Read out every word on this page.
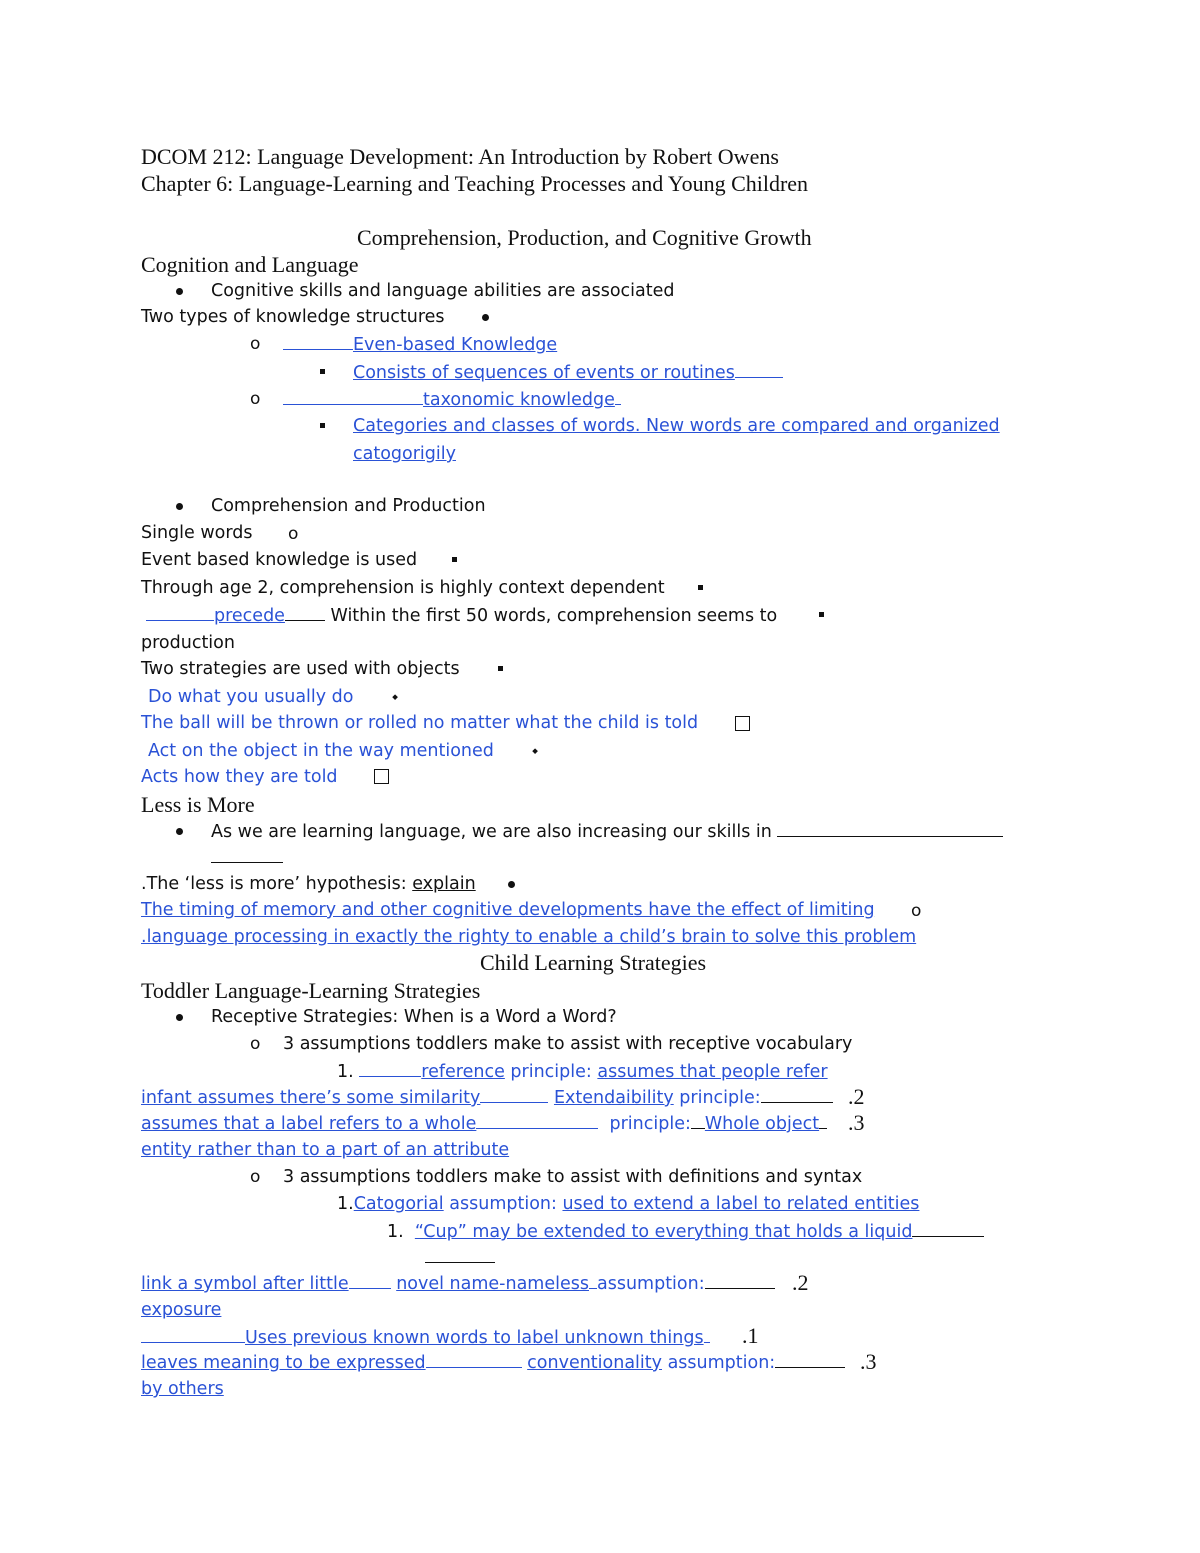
DCOM 212: Language Development: An Introduction by Robert Owens
Chapter 6: Language-Learning and Teaching Processes and Young Children
Comprehension, Production, and Cognitive Growth
Cognition and Language
Cognitive skills and language abilities are associated
Two types of knowledge structures
o	Even-based Knowledge
Consists of sequences of events or routines
o	taxonomic knowledge
Categories and classes of words. New words are compared and organized
catogorigily
Comprehension and Production
Single words o
Event based knowledge is used
Through age 2, comprehension is highly context dependent
precede	Within the first 50 words, comprehension seems to
production
Two strategies are used with objects
Do what you usually do ⬩
The ball will be thrown or rolled no matter what the child is told
Act on the object in the way mentioned ⬩
Acts how they are told
Less is More
As we are learning language, we are also increasing our skills in
.The ‘less is more’ hypothesis: explain
The timing of memory and other cognitive developments have the effect of limiting o
.language processing in exactly the righty to enable a child’s brain to solve this problem
Child Learning Strategies
Toddler Language-Learning Strategies
Receptive Strategies: When is a Word a Word?
o 3 assumptions toddlers make to assist with receptive vocabulary
1.	reference principle: assumes that people refer
infant assumes there’s some similarity	Extendaibility principle:	.2
assumes that a label refers to a whole	principle: Whole object	.3
entity rather than to a part of an attribute
o 3 assumptions toddlers make to assist with definitions and syntax
1.Catogorial assumption: used to extend a label to related entities
1. “Cup” may be extended to everything that holds a liquid
link a symbol after little	novel name-nameless assumption:	.2
exposure
Uses previous known words to label unknown things .1
leaves meaning to be expressed	conventionality assumption:	.3
by others
